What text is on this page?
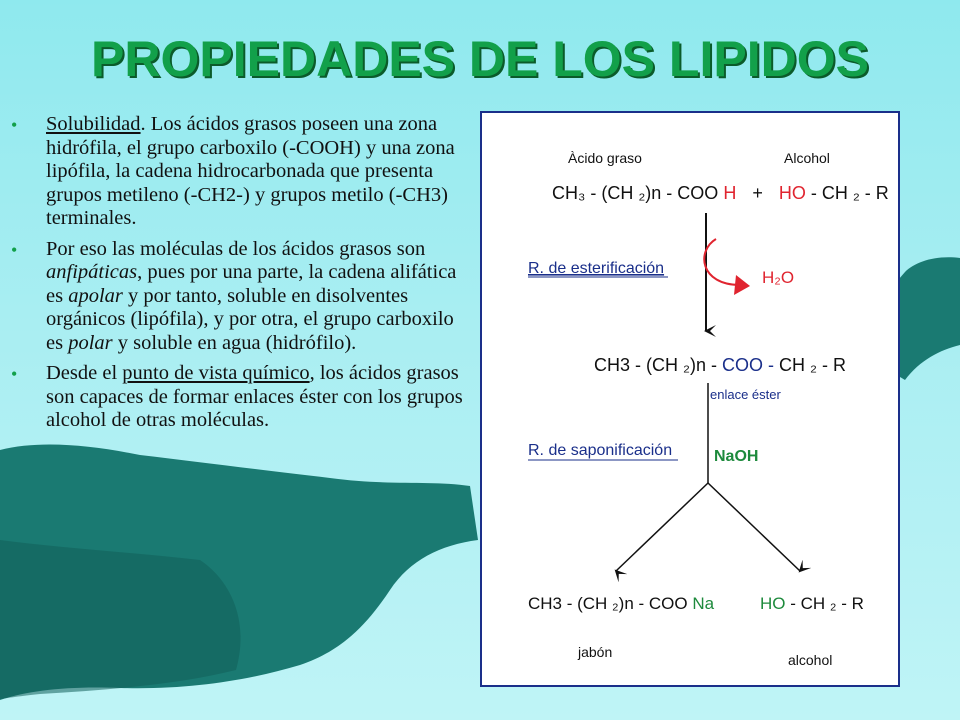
PROPIEDADES DE LOS LIPIDOS
• Solubilidad. Los ácidos grasos poseen una zona hidrófila, el grupo carboxilo (-COOH) y una zona lipófila, la cadena hidrocarbonada que presenta grupos metileno (-CH2-) y grupos metilo (-CH3) terminales.
• Por eso las moléculas de los ácidos grasos son anfipáticas, pues por una parte, la cadena alifática es apolar y por tanto, soluble en disolventes orgánicos (lipófila), y por otra, el grupo carboxilo es polar y soluble en agua (hidrófilo).
• Desde el punto de vista químico, los ácidos grasos son capaces de formar enlaces éster con los grupos alcohol de otras moléculas.
Àcido graso	Alcohol
CH₃ - (CH ₂)n - COO H + HO - CH ₂ - R
R. de esterificación	H₂O
CH3 - (CH ₂)n - COO - CH ₂ - R
enlace éster
R. de saponificación	NaOH
CH3 - (CH ₂)n - COO Na	HO - CH ₂ - R
jabón	alcohol
